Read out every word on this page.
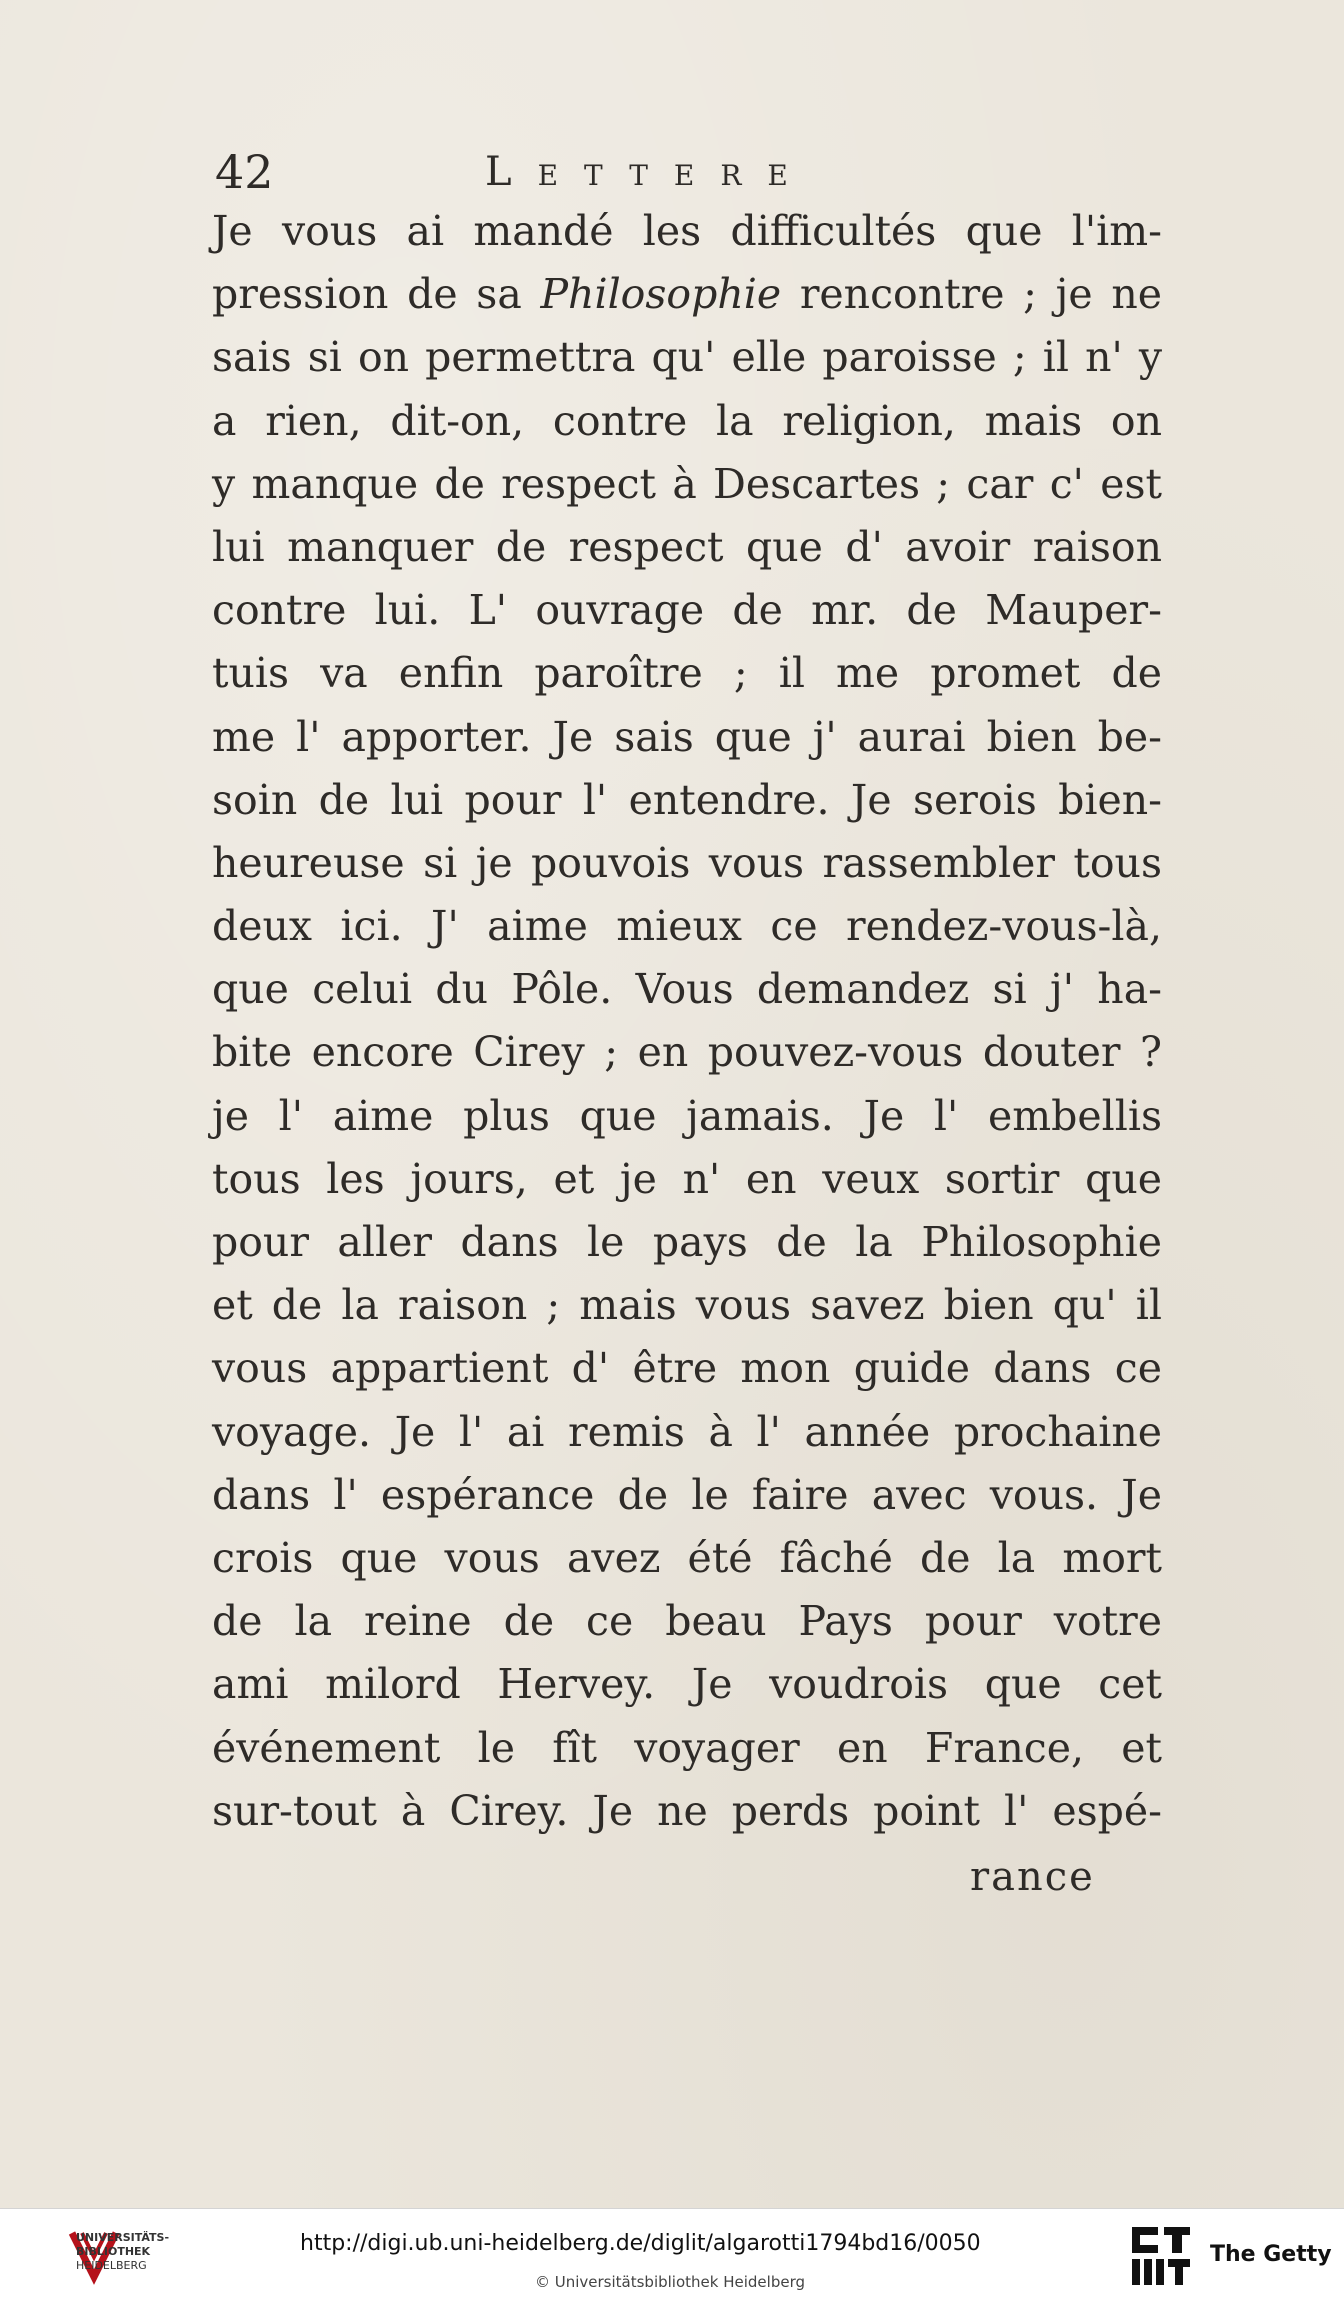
42	Lettere
Je vous ai mandé les difficultés que l'im-
pression de sa Philosophie rencontre ; je ne
sais si on permettra qu' elle paroisse ; il n' y
a rien, dit-on, contre la religion, mais on
y manque de respect à Descartes ; car c' est
lui manquer de respect que d' avoir raison
contre lui. L' ouvrage de mr. de Mauper-
tuis va enfin paroître ; il me promet de
me l' apporter. Je sais que j' aurai bien be-
soin de lui pour l' entendre. Je serois bien-
heureuse si je pouvois vous rassembler tous
deux ici. J' aime mieux ce rendez-vous-là,
que celui du Pôle. Vous demandez si j' ha-
bite encore Cirey ; en pouvez-vous douter ?
je l' aime plus que jamais. Je l' embellis
tous les jours, et je n' en veux sortir que
pour aller dans le pays de la Philosophie
et de la raison ; mais vous savez bien qu' il
vous appartient d' être mon guide dans ce
voyage. Je l' ai remis à l' année prochaine
dans l' espérance de le faire avec vous. Je
crois que vous avez été fâché de la mort
de la reine de ce beau Pays pour votre
ami milord Hervey. Je voudrois que cet
événement le fît voyager en France, et
sur-tout à Cirey. Je ne perds point l' espé-
rance
UNIVERSITÄTS-
BIBLIOTHEK
HEIDELBERG
http://digi.ub.uni-heidelberg.de/diglit/algarotti1794bd16/0050
© Universitätsbibliothek Heidelberg
The Getty
